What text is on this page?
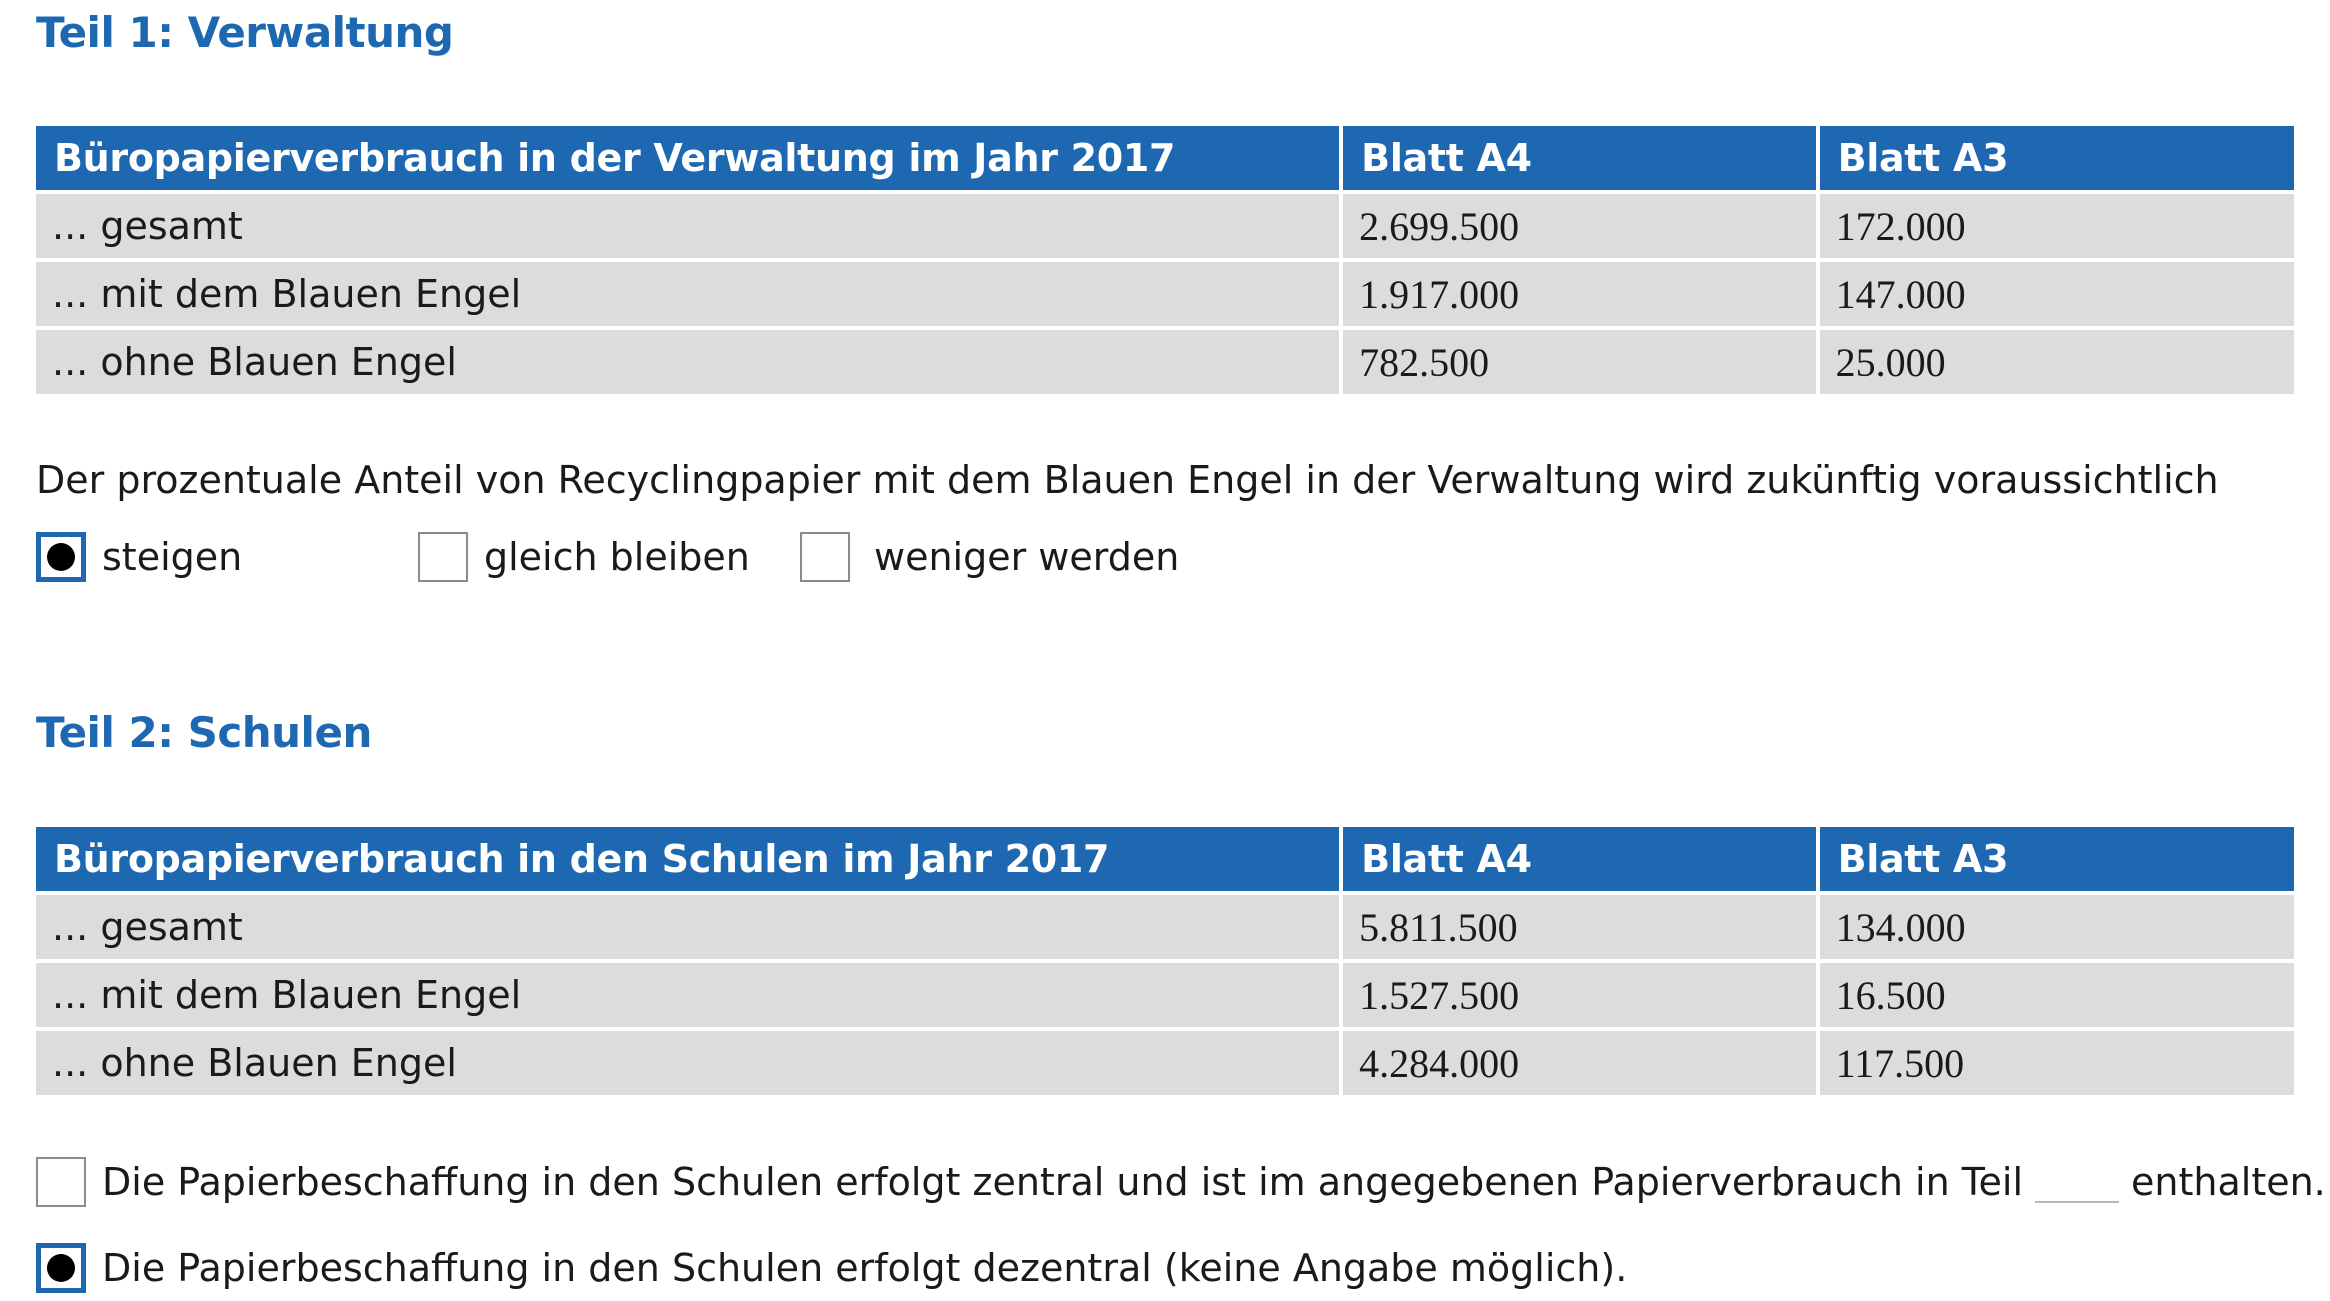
Teil 1: Verwaltung
Büropapierverbrauch in der Verwaltung im Jahr 2017	Blatt A4	Blatt A3
... gesamt	2.699.500	172.000
... mit dem Blauen Engel	1.917.000	147.000
... ohne Blauen Engel	782.500	25.000

Der prozentuale Anteil von Recyclingpapier mit dem Blauen Engel in der Verwaltung wird zukünftig voraussichtlich

steigen	gleich bleiben	weniger werden
Teil 2: Schulen
Büropapierverbrauch in den Schulen im Jahr 2017	Blatt A4	Blatt A3
... gesamt	5.811.500	134.000
... mit dem Blauen Engel	1.527.500	16.500
... ohne Blauen Engel	4.284.000	117.500
Die Papierbeschaffung in den Schulen erfolgt zentral und ist im angegebenen Papierverbrauch in Teil	enthalten.
Die Papierbeschaffung in den Schulen erfolgt dezentral (keine Angabe möglich).
